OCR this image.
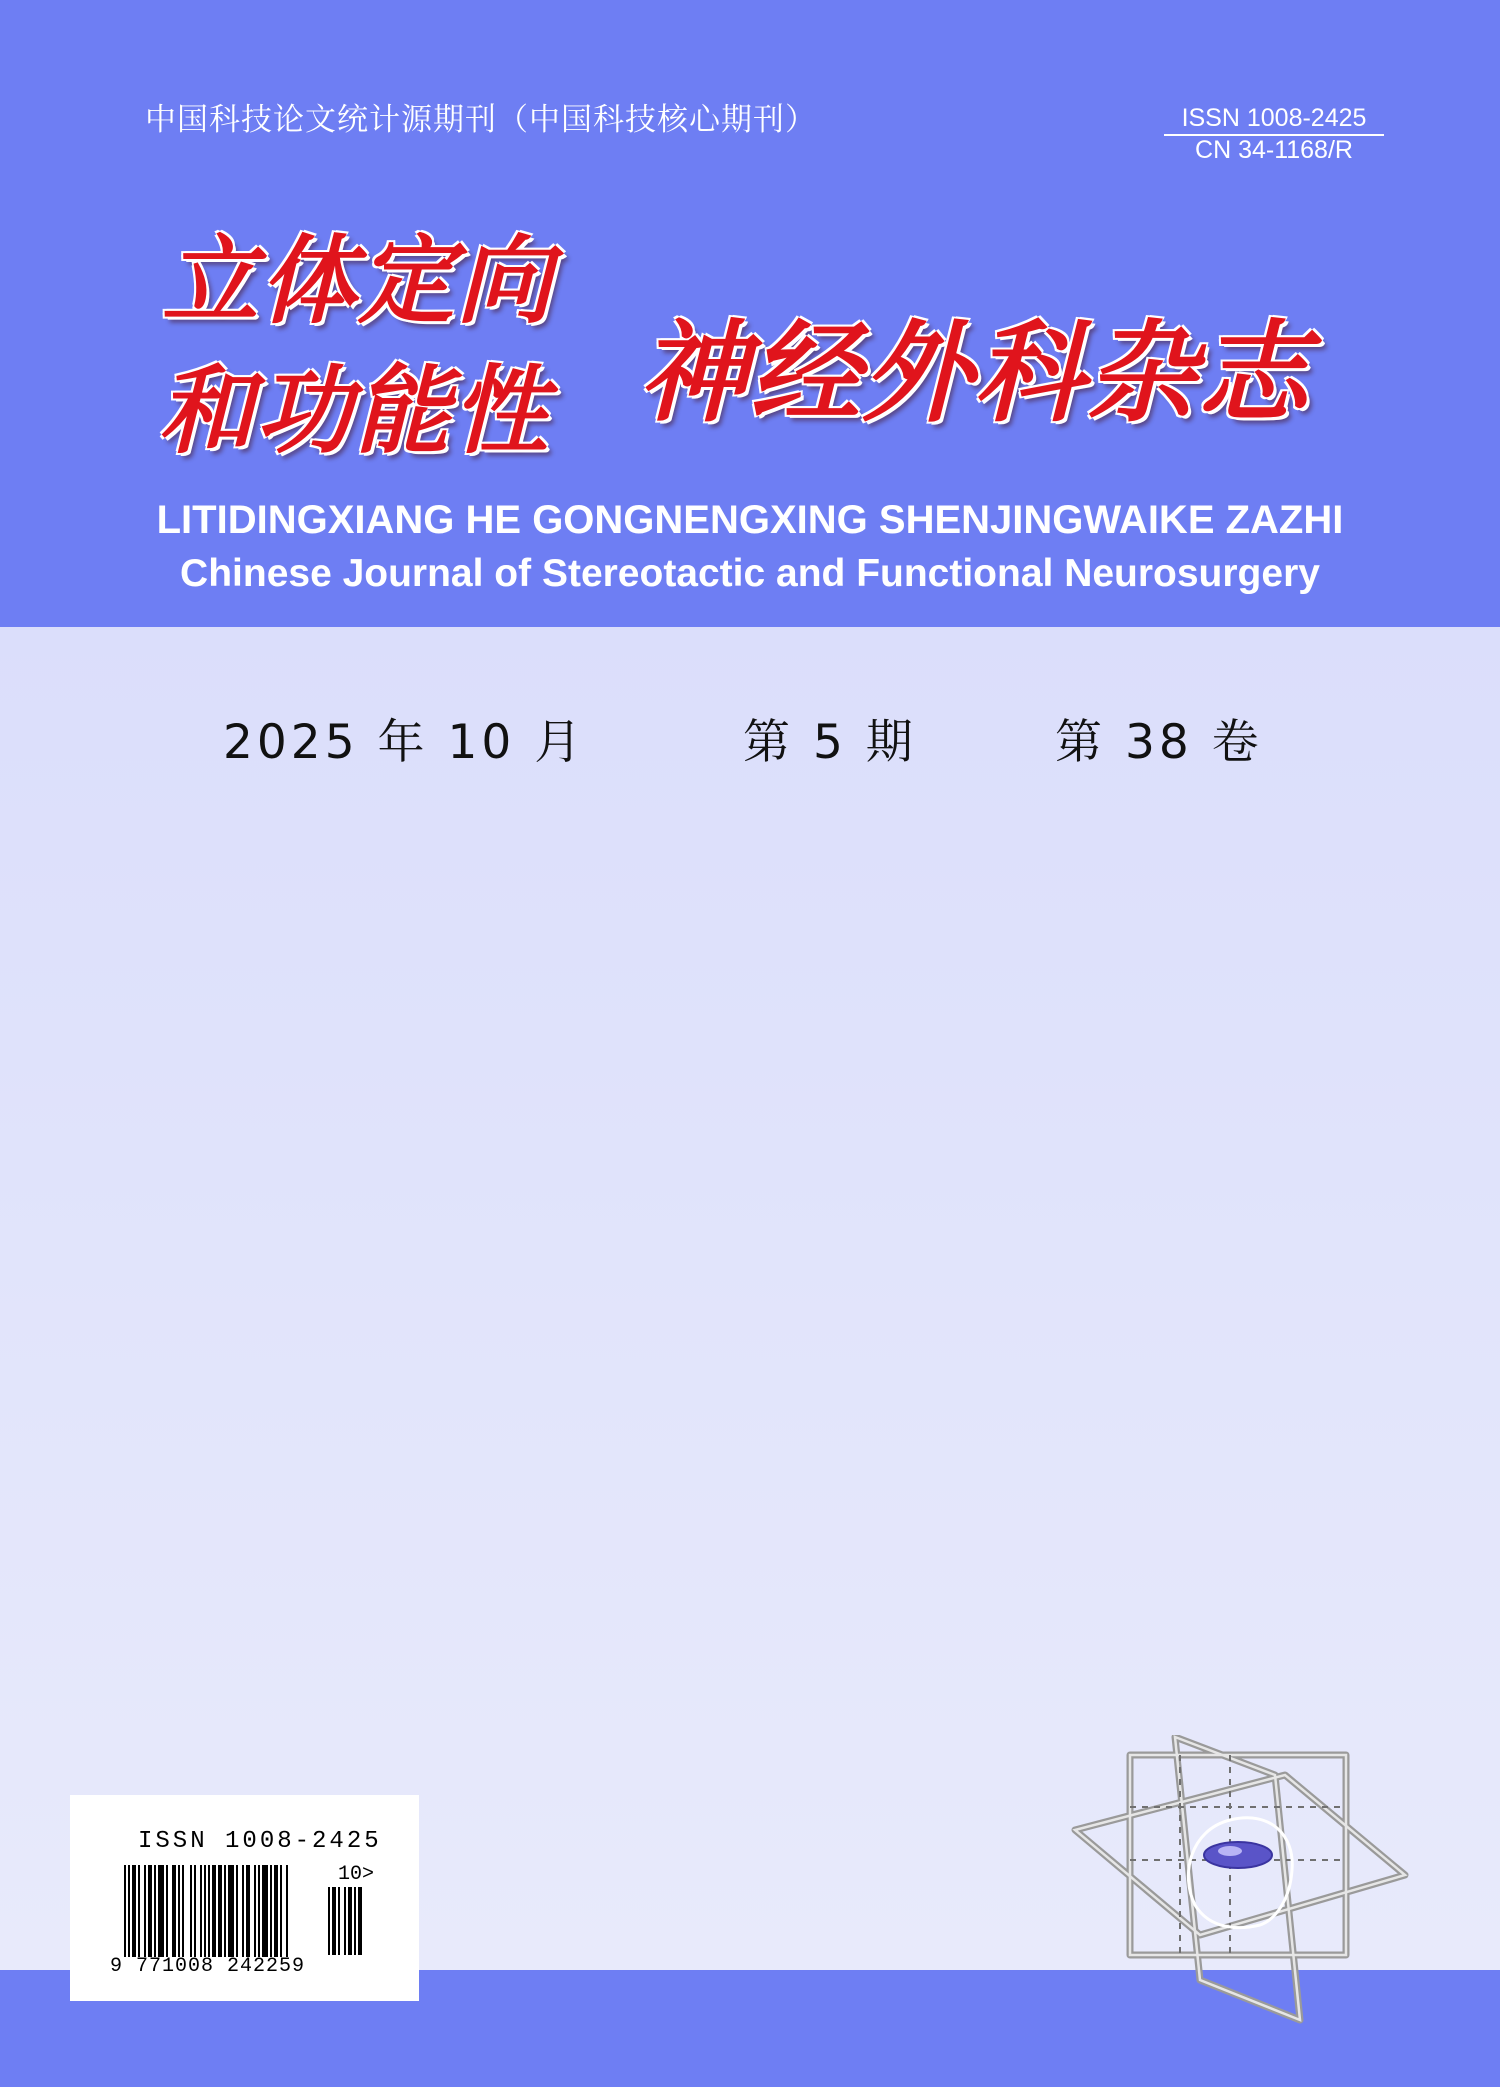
中国科技论文统计源期刊（中国科技核心期刊）	ISSN 1008-2425
CN 34-1168/R
立体定向
和功能性 神经外科杂志
LITIDINGXIANG HE GONGNENGXING SHENJINGWAIKE ZAZHI
Chinese Journal of Stereotactic and Functional Neurosurgery
2025 年 10 月	第 5 期	第 38 卷
ISSN 1008-2425
10>
9 771008 242259
